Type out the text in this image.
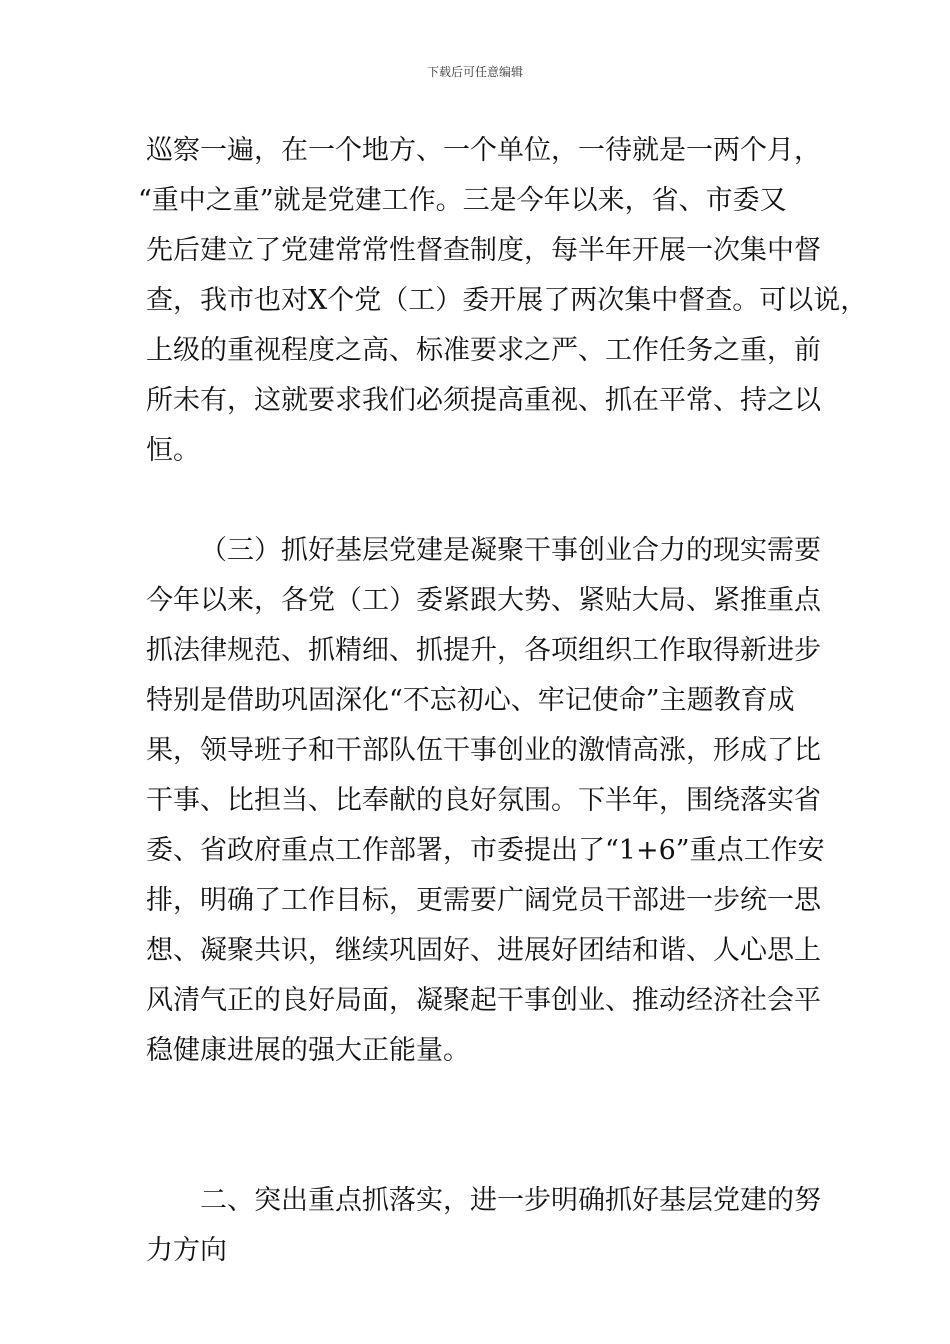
下载后可任意编辑
巡察一遍，在一个地方、一个单位，一待就是一两个月，
“重中之重”就是党建工作。三是今年以来，省、市委又
先后建立了党建常常性督查制度，每半年开展一次集中督
查，我市也对X个党（工）委开展了两次集中督查。可以说，
上级的重视程度之高、标准要求之严、工作任务之重，前
所未有，这就要求我们必须提高重视、抓在平常、持之以
恒。
（三）抓好基层党建是凝聚干事创业合力的现实需要
今年以来，各党（工）委紧跟大势、紧贴大局、紧推重点
抓法律规范、抓精细、抓提升，各项组织工作取得新进步
特别是借助巩固深化“不忘初心、牢记使命”主题教育成
果，领导班子和干部队伍干事创业的激情高涨，形成了比
干事、比担当、比奉献的良好氛围。下半年，围绕落实省
委、省政府重点工作部署，市委提出了“1+6”重点工作安
排，明确了工作目标，更需要广阔党员干部进一步统一思
想、凝聚共识，继续巩固好、进展好团结和谐、人心思上
风清气正的良好局面，凝聚起干事创业、推动经济社会平
稳健康进展的强大正能量。
二、突出重点抓落实，进一步明确抓好基层党建的努
力方向
